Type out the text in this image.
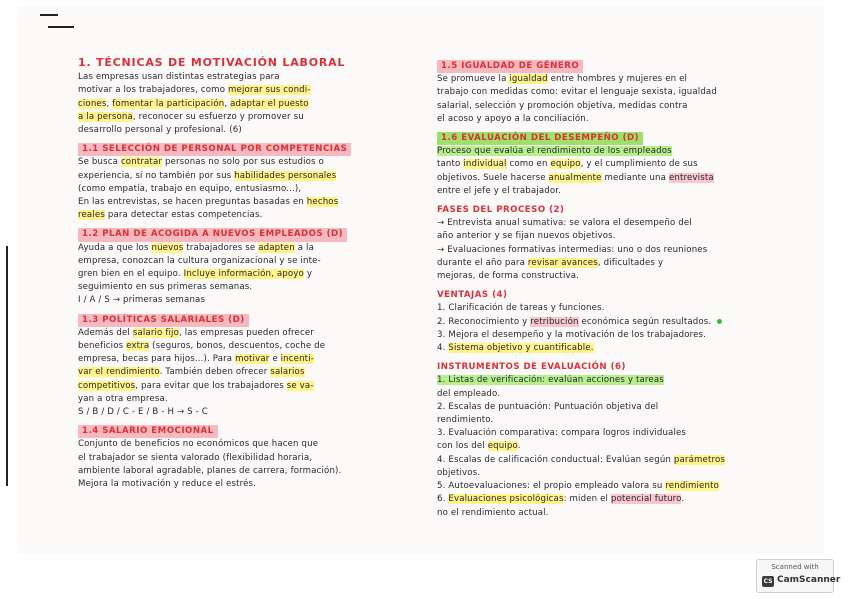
1. TÉCNICAS DE MOTIVACIÓN LABORAL

Las empresas usan distintas estrategias para

motivar a los trabajadores, como mejorar sus condi-

ciones, fomentar la participación, adaptar el puesto

a la persona, reconocer su esfuerzo y promover su

desarrollo personal y profesional. (6)

1.1 SELECCIÓN DE PERSONAL POR COMPETENCIAS

Se busca contratar personas no solo por sus estudios o

experiencia, si no también por sus habilidades personales

(como empatía, trabajo en equipo, entusiasmo...),

En las entrevistas, se hacen preguntas basadas en hechos

reales para detectar estas competencias.

1.2 PLAN DE ACOGIDA A NUEVOS EMPLEADOS (D)

Ayuda a que los nuevos trabajadores se adapten a la

empresa, conozcan la cultura organizacional y se inte-

gren bien en el equipo. Incluye información, apoyo y

seguimiento en sus primeras semanas.

I / A / S → primeras semanas

1.3 POLÍTICAS SALARIALES (D)

Además del salario fijo, las empresas pueden ofrecer

beneficios extra (seguros, bonos, descuentos, coche de

empresa, becas para hijos...). Para motivar e incenti-

var el rendimiento. También deben ofrecer salarios

competitivos, para evitar que los trabajadores se va-

yan a otra empresa.

S / B / D / C - E / B - H → S - C

1.4 SALARIO EMOCIONAL

Conjunto de beneficios no económicos que hacen que

el trabajador se sienta valorado (flexibilidad horaria,

ambiente laboral agradable, planes de carrera, formación).

Mejora la motivación y reduce el estrés.

1.5 IGUALDAD DE GÉNERO

Se promueve la igualdad entre hombres y mujeres en el

trabajo con medidas como: evitar el lenguaje sexista, igualdad

salarial, selección y promoción objetiva, medidas contra

el acoso y apoyo a la conciliación.

1.6 EVALUACIÓN DEL DESEMPEÑO (D)

Proceso que evalúa el rendimiento de los empleados

tanto individual como en equipo, y el cumplimiento de sus

objetivos. Suele hacerse anualmente mediante una entrevista

entre el jefe y el trabajador.

FASES DEL PROCESO (2)

→ Entrevista anual sumativa: se valora el desempeño del

año anterior y se fijan nuevos objetivos.

→ Evaluaciones formativas intermedias: uno o dos reuniones

durante el año para revisar avances, dificultades y

mejoras, de forma constructiva.

VENTAJAS (4)

1. Clarificación de tareas y funciones.

2. Reconocimiento y retribución económica según resultados.

3. Mejora el desempeño y la motivación de los trabajadores.

4. Sistema objetivo y cuantificable.

INSTRUMENTOS DE EVALUACIÓN (6)

1. Listas de verificación: evalúan acciones y tareas

del empleado.

2. Escalas de puntuación: Puntuación objetiva del

rendimiento.

3. Evaluación comparativa: compara logros individuales

con los del equipo.

4. Escalas de calificación conductual: Evalúan según parámetros

objetivos.

5. Autoevaluaciones: el propio empleado valora su rendimiento

6. Evaluaciones psicológicas: miden el potencial futuro.

no el rendimiento actual.

Scanned with
CS CamScanner
